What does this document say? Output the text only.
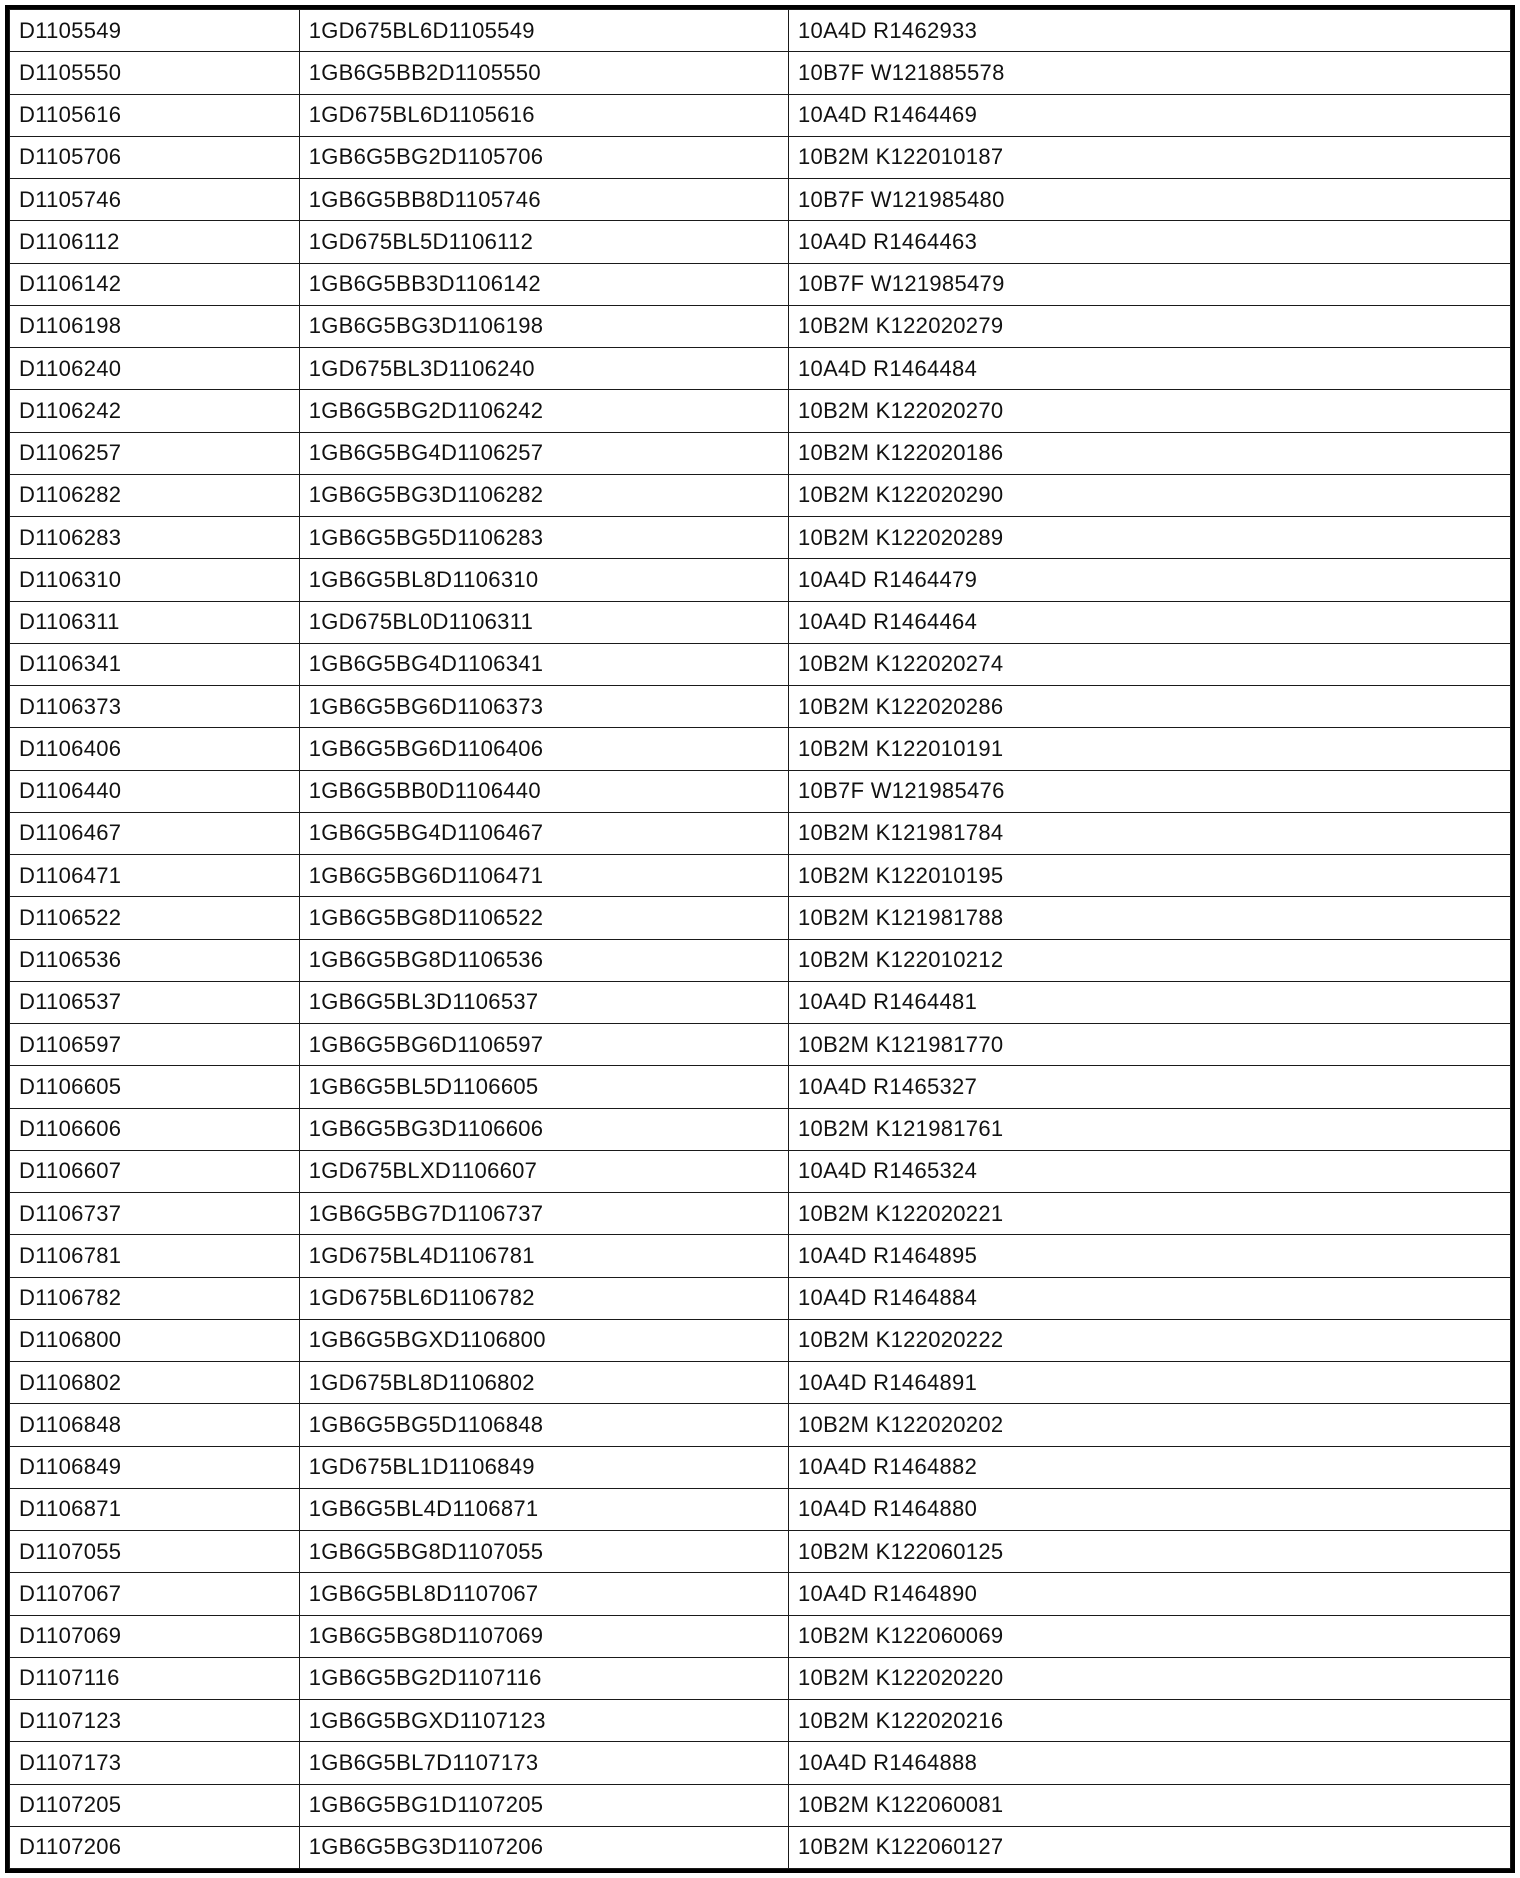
D1105549	1GD675BL6D1105549	10A4D R1462933
D1105550	1GB6G5BB2D1105550	10B7F W121885578
D1105616	1GD675BL6D1105616	10A4D R1464469
D1105706	1GB6G5BG2D1105706	10B2M K122010187
D1105746	1GB6G5BB8D1105746	10B7F W121985480
D1106112	1GD675BL5D1106112	10A4D R1464463
D1106142	1GB6G5BB3D1106142	10B7F W121985479
D1106198	1GB6G5BG3D1106198	10B2M K122020279
D1106240	1GD675BL3D1106240	10A4D R1464484
D1106242	1GB6G5BG2D1106242	10B2M K122020270
D1106257	1GB6G5BG4D1106257	10B2M K122020186
D1106282	1GB6G5BG3D1106282	10B2M K122020290
D1106283	1GB6G5BG5D1106283	10B2M K122020289
D1106310	1GB6G5BL8D1106310	10A4D R1464479
D1106311	1GD675BL0D1106311	10A4D R1464464
D1106341	1GB6G5BG4D1106341	10B2M K122020274
D1106373	1GB6G5BG6D1106373	10B2M K122020286
D1106406	1GB6G5BG6D1106406	10B2M K122010191
D1106440	1GB6G5BB0D1106440	10B7F W121985476
D1106467	1GB6G5BG4D1106467	10B2M K121981784
D1106471	1GB6G5BG6D1106471	10B2M K122010195
D1106522	1GB6G5BG8D1106522	10B2M K121981788
D1106536	1GB6G5BG8D1106536	10B2M K122010212
D1106537	1GB6G5BL3D1106537	10A4D R1464481
D1106597	1GB6G5BG6D1106597	10B2M K121981770
D1106605	1GB6G5BL5D1106605	10A4D R1465327
D1106606	1GB6G5BG3D1106606	10B2M K121981761
D1106607	1GD675BLXD1106607	10A4D R1465324
D1106737	1GB6G5BG7D1106737	10B2M K122020221
D1106781	1GD675BL4D1106781	10A4D R1464895
D1106782	1GD675BL6D1106782	10A4D R1464884
D1106800	1GB6G5BGXD1106800	10B2M K122020222
D1106802	1GD675BL8D1106802	10A4D R1464891
D1106848	1GB6G5BG5D1106848	10B2M K122020202
D1106849	1GD675BL1D1106849	10A4D R1464882
D1106871	1GB6G5BL4D1106871	10A4D R1464880
D1107055	1GB6G5BG8D1107055	10B2M K122060125
D1107067	1GB6G5BL8D1107067	10A4D R1464890
D1107069	1GB6G5BG8D1107069	10B2M K122060069
D1107116	1GB6G5BG2D1107116	10B2M K122020220
D1107123	1GB6G5BGXD1107123	10B2M K122020216
D1107173	1GB6G5BL7D1107173	10A4D R1464888
D1107205	1GB6G5BG1D1107205	10B2M K122060081
D1107206	1GB6G5BG3D1107206	10B2M K122060127
